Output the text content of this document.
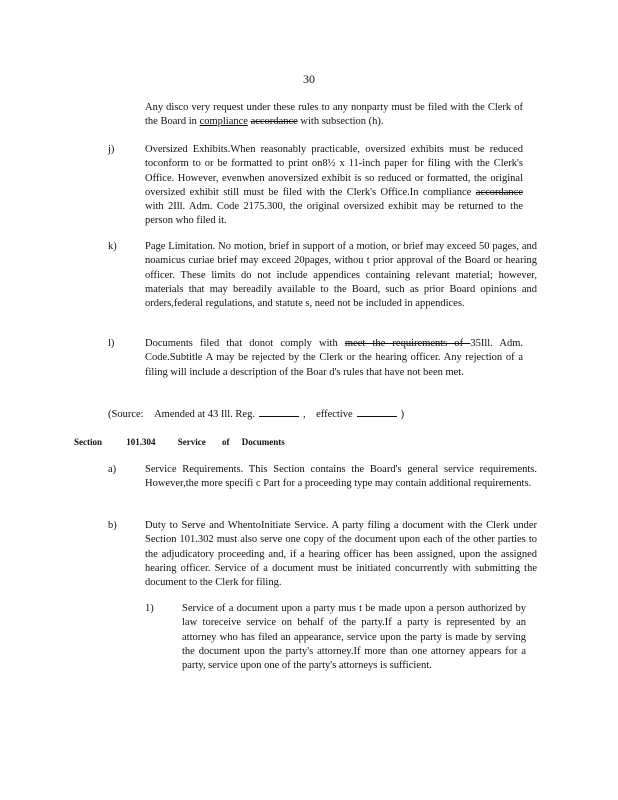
30
Any disco very request under these rules to any nonparty must be filed with the Clerk of the Board in compliance accordance with subsection (h).
j)	Oversized Exhibits.When reasonably practicable, oversized exhibits must be reduced toconform to or be formatted to print on8½ x 11-inch paper for filing with the Clerk's Office. However, evenwhen anoversized exhibit is so reduced or formatted, the original oversized exhibit still must be filed with the Clerk's Office.In compliance accordance with 2Ill. Adm. Code 2175.300, the original oversized exhibit may be returned to the person who filed it.
k)	Page Limitation. No motion, brief in support of a motion, or brief may exceed 50 pages, and noamicus curiae brief may exceed 20pages, withou t prior approval of the Board or hearing officer. These limits do not include appendices containing relevant material; however, materials that may bereadily available to the Board, such as prior Board opinions and orders,federal regulations, and statute s, need not be included in appendices.
l)	Documents filed that donot comply with meet the requirements of 35Ill. Adm. Code.Subtitle A may be rejected by the Clerk or the hearing officer. Any rejection of a filing will include a description of the Boar d's rules that have not been met.
(Source: Amended at 43 Ill. Reg.	, effective	)
Section	101.304 Service of Documents
a)	Service Requirements. This Section contains the Board's general service requirements. However,the more specifi c Part for a proceeding type may contain additional requirements.
b)	Duty to Serve and WhentoInitiate Service. A party filing a document with the Clerk under Section 101.302 must also serve one copy of the document upon each of the other parties to the adjudicatory proceeding and, if a hearing officer has been assigned, upon the assigned hearing officer. Service of a document must be initiated concurrently with submitting the document to the Clerk for filing.
1)	Service of a document upon a party mus t be made upon a person authorized by law toreceive service on behalf of the party.If a party is represented by an attorney who has filed an appearance, service upon the party is made by serving the document upon the party's attorney.If more than one attorney appears for a party, service upon one of the party's attorneys is sufficient.
